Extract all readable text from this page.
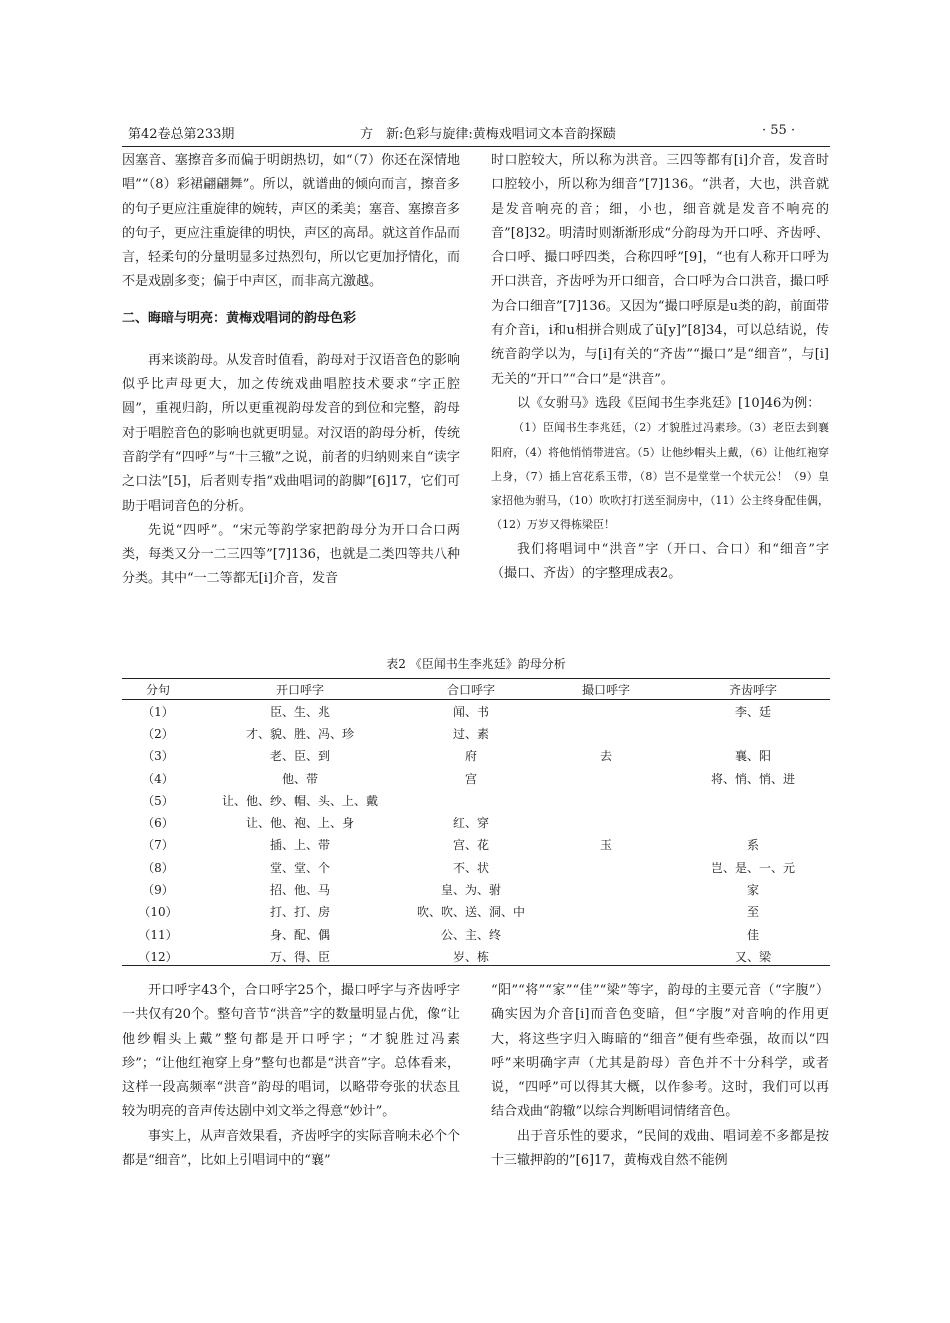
第42卷总第233期	方　新:色彩与旋律:黄梅戏唱词文本音韵探赜	· 55 ·

因塞音、塞擦音多而偏于明朗热切，如“（7）你还在深情地唱”“（8）彩裙翩翩舞”。所以，就谱曲的倾向而言，擦音多的句子更应注重旋律的婉转，声区的柔美；塞音、塞擦音多的句子，更应注重旋律的明快，声区的高昂。就这首作品而言，轻柔句的分量明显多过热烈句，所以它更加抒情化，而不是戏剧多变；偏于中声区，而非高亢激越。

二、晦暗与明亮：黄梅戏唱词的韵母色彩

再来谈韵母。从发音时值看，韵母对于汉语音色的影响似乎比声母更大，加之传统戏曲唱腔技术要求“字正腔圆”，重视归韵，所以更重视韵母发音的到位和完整，韵母对于唱腔音色的影响也就更明显。对汉语的韵母分析，传统音韵学有“四呼”与“十三辙”之说，前者的归纳则来自“读字之口法”[5]，后者则专指“戏曲唱词的韵脚”[6]17，它们可助于唱词音色的分析。

先说“四呼”。“宋元等韵学家把韵母分为开口合口两类，每类又分一二三四等”[7]136，也就是二类四等共八种分类。其中“一二等都无[i]介音，发音

时口腔较大，所以称为洪音。三四等都有[i]介音，发音时口腔较小，所以称为细音”[7]136。“洪者，大也，洪音就是发音响亮的音；细，小也，细音就是发音不响亮的音”[8]32。明清时则渐渐形成“分韵母为开口呼、齐齿呼、合口呼、撮口呼四类，合称四呼”[9]，“也有人称开口呼为开口洪音，齐齿呼为开口细音，合口呼为合口洪音，撮口呼为合口细音”[7]136。又因为“撮口呼原是u类的韵，前面带有介音i，i和u相拼合则成了ü[y]”[8]34，可以总结说，传统音韵学以为，与[i]有关的“齐齿”“撮口”是“细音”，与[i]无关的“开口”“合口”是“洪音”。

以《女驸马》选段《臣闻书生李兆廷》[10]46为例：

（1）臣闻书生李兆廷，（2）才貌胜过冯素珍。（3）老臣去到襄阳府，（4）将他悄悄带进宫。（5）让他纱帽头上戴，（6）让他红袍穿上身，（7）插上宫花系玉带，（8）岂不是堂堂一个状元公！（9）皇家招他为驸马，（10）吹吹打打送至洞房中，（11）公主终身配佳偶，（12）万岁又得栋梁臣！

我们将唱词中“洪音”字（开口、合口）和“细音”字（撮口、齐齿）的字整理成表2。

表2 《臣闻书生李兆廷》韵母分析
分句	开口呼字	合口呼字	撮口呼字	齐齿呼字
（1）	臣、生、兆	闻、书		李、廷
（2）	才、貌、胜、冯、珍	过、素		
（3）	老、臣、到	府	去	襄、阳
（4）	他、带	宫		将、悄、悄、进
（5）	让、他、纱、帽、头、上、戴			
（6）	让、他、袍、上、身	红、穿		
（7）	插、上、带	宫、花	玉	系
（8）	堂、堂、个	不、状		岂、是、一、元
（9）	招、他、马	皇、为、驸		家
（10）	打、打、房	吹、吹、送、洞、中		至
（11）	身、配、偶	公、主、终		佳
（12）	万、得、臣	岁、栋		又、梁

开口呼字43个，合口呼字25个，撮口呼字与齐齿呼字一共仅有20个。整句音节“洪音”字的数量明显占优，像“让他纱帽头上戴”整句都是开口呼字；“才貌胜过冯素珍”；“让他红袍穿上身”整句也都是“洪音”字。总体看来，这样一段高频率“洪音”韵母的唱词，以略带夸张的状态且较为明亮的音声传达剧中刘文举之得意“妙计”。

事实上，从声音效果看，齐齿呼字的实际音响未必个个都是“细音”，比如上引唱词中的“襄”

“阳”“将”“家”“佳”“梁”等字，韵母的主要元音（“字腹”）确实因为介音[i]而音色变暗，但“字腹”对音响的作用更大，将这些字归入晦暗的“细音”便有些牵强，故而以“四呼”来明确字声（尤其是韵母）音色并不十分科学，或者说，“四呼”可以得其大概，以作参考。这时，我们可以再结合戏曲“韵辙”以综合判断唱词情绪音色。

出于音乐性的要求，“民间的戏曲、唱词差不多都是按十三辙押韵的”[6]17，黄梅戏自然不能例
